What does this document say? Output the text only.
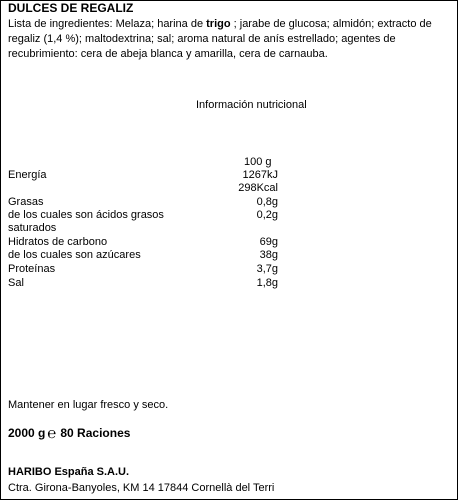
DULCES DE REGALIZ
Lista de ingredientes: Melaza; harina de trigo ; jarabe de glucosa; almidón; extracto de regaliz (1,4 %); maltodextrina; sal; aroma natural de anís estrellado; agentes de recubrimiento: cera de abeja blanca y amarilla, cera de carnauba.
Información nutricional
100 g
Energía	1267kJ
298Kcal
Grasas	0,8g
de los cuales son ácidos grasos	0,2g
saturados
Hidratos de carbono	69g
de los cuales son azúcares	38g
Proteínas	3,7g
Sal	1,8g
Mantener en lugar fresco y seco.
2000 g ℮ 80 Raciones
HARIBO España S.A.U.
Ctra. Girona-Banyoles, KM 14 17844 Cornellà del Terri
